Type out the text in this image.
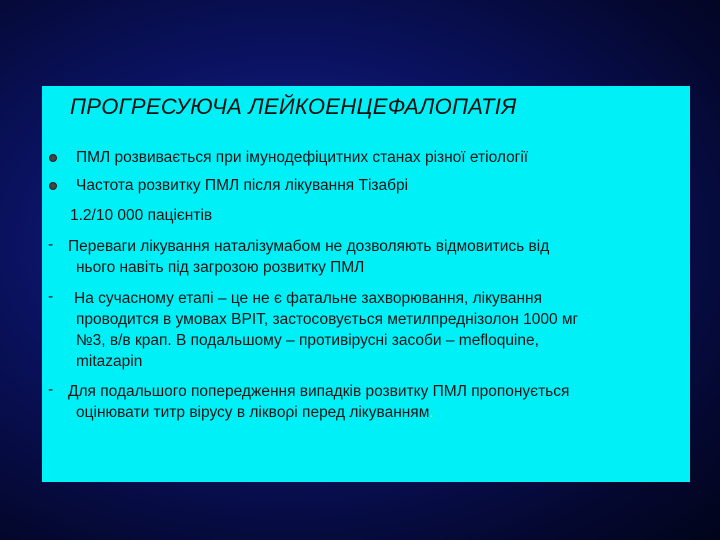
ПРОГРЕСУЮЧА ЛЕЙКОЕНЦЕФАЛОПАТІЯ
ПМЛ розвивається при імунодефіцитних станах різної етіології
Частота розвитку ПМЛ після лікування Тізабрі
1.2/10 000 пацієнтів
- Переваги лікування наталізумабом не дозволяють відмовитись від
нього навіть під загрозою розвитку ПМЛ
- На сучасному етапі – це не є фатальне захворювання, лікування
проводится в умовах ВРІТ, застосовується метилпреднізолон 1000 мг
№3, в/в крап. В подальшому – противірусні засоби – mefloquine,
mitazapin
- Для подальшого попередження випадків розвитку ПМЛ пропонується
оцінювати титр вірусу в ліквορі перед лікуванням.
